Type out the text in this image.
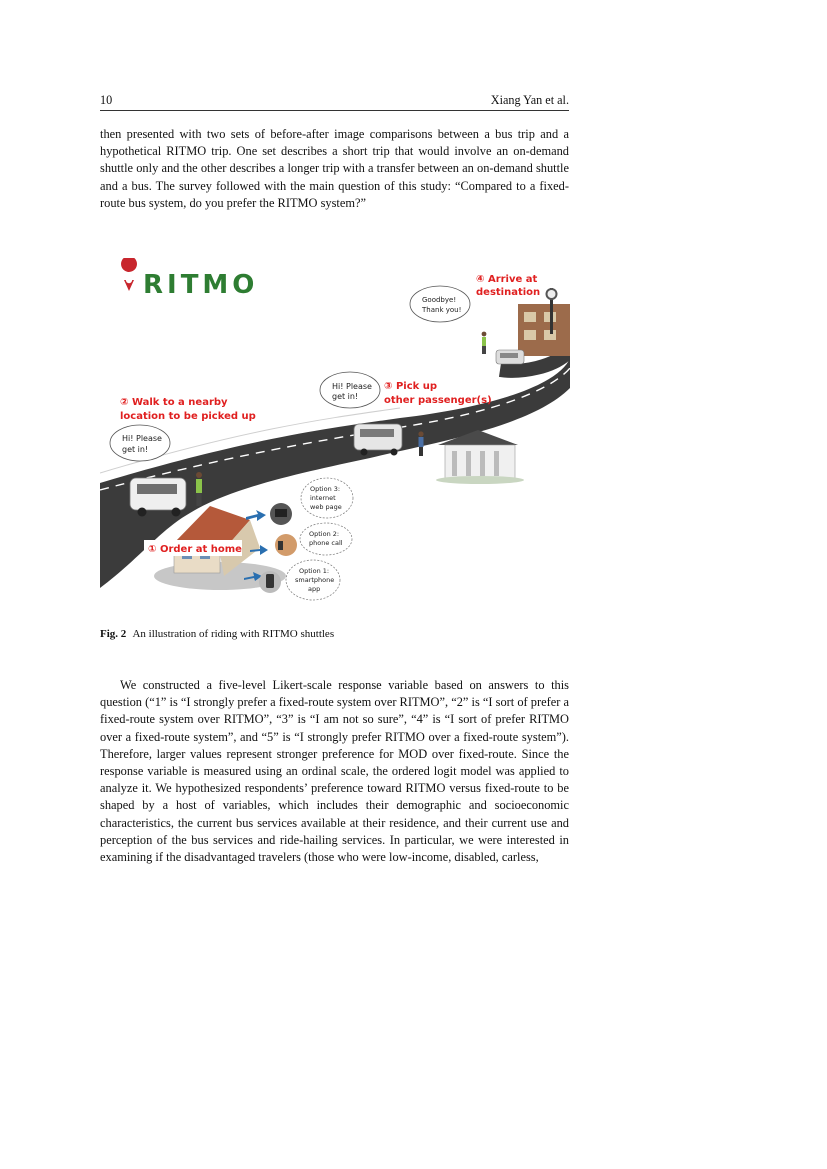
10	Xiang Yan et al.

then presented with two sets of before-after image comparisons between a bus trip and a hypothetical RITMO trip. One set describes a short trip that would involve an on-demand shuttle only and the other describes a longer trip with a transfer between an on-demand shuttle and a bus. The survey followed with the main question of this study: “Compared to a fixed-route bus system, do you prefer the RITMO system?”

RITMO	④ Arrive at
destination
Goodbye!
Thank you!
Hi! Please
get in!
③ Pick up
other passenger(s)
② Walk to a nearby
location to be picked up
Hi! Please
get in!
① Order at home
Option 3:
internet
web page
Option 2:
phone call
Option 1:
smartphone
app
Fig. 2 An illustration of riding with RITMO shuttles

We constructed a five-level Likert-scale response variable based on answers to this question (“1” is “I strongly prefer a fixed-route system over RITMO”, “2” is “I sort of prefer a fixed-route system over RITMO”, “3” is “I am not so sure”, “4” is “I sort of prefer RITMO over a fixed-route system”, and “5” is “I strongly prefer RITMO over a fixed-route system”). Therefore, larger values represent stronger preference for MOD over fixed-route. Since the response variable is measured using an ordinal scale, the ordered logit model was applied to analyze it. We hypothesized respondents’ preference toward RITMO versus fixed-route to be shaped by a host of variables, which includes their demographic and socioeconomic characteristics, the current bus services available at their residence, and their current use and perception of the bus services and ride-hailing services. In particular, we were interested in examining if the disadvantaged travelers (those who were low-income, disabled, carless,
